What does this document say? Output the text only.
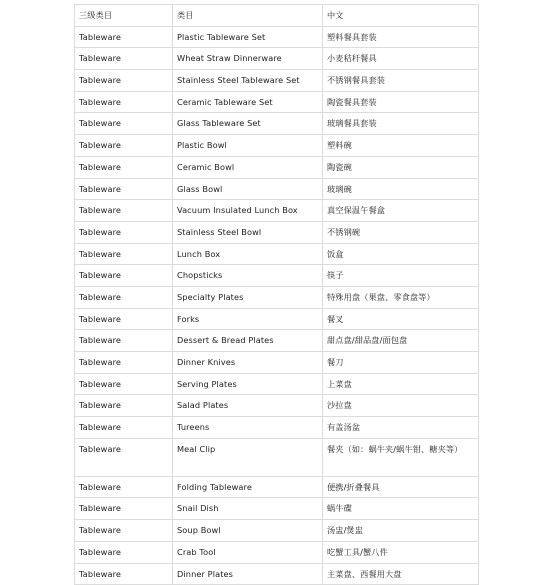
三级类目	类目	中文
Tableware	Plastic Tableware Set	塑料餐具套装
Tableware	Wheat Straw Dinnerware	小麦秸秆餐具
Tableware	Stainless Steel Tableware Set	不锈钢餐具套装
Tableware	Ceramic Tableware Set	陶瓷餐具套装
Tableware	Glass Tableware Set	玻璃餐具套装
Tableware	Plastic Bowl	塑料碗
Tableware	Ceramic Bowl	陶瓷碗
Tableware	Glass Bowl	玻璃碗
Tableware	Vacuum Insulated Lunch Box	真空保温午餐盒
Tableware	Stainless Steel Bowl	不锈钢碗
Tableware	Lunch Box	饭盒
Tableware	Chopsticks	筷子
Tableware	Specialty Plates	特殊用盘（果盘、零食盘等）
Tableware	Forks	餐叉
Tableware	Dessert & Bread Plates	甜点盘/甜品盘/面包盘
Tableware	Dinner Knives	餐刀
Tableware	Serving Plates	上菜盘
Tableware	Salad Plates	沙拉盘
Tableware	Tureens	有盖汤盆
Tableware	Meal Clip	餐夹（如：蜗牛夹/蜗牛钳、糖夹等）
Tableware	Folding Tableware	便携/折叠餐具
Tableware	Snail Dish	蜗牛碟
Tableware	Soup Bowl	汤盅/煲盅
Tableware	Crab Tool	吃蟹工具/蟹八件
Tableware	Dinner Plates	主菜盘、西餐用大盘
